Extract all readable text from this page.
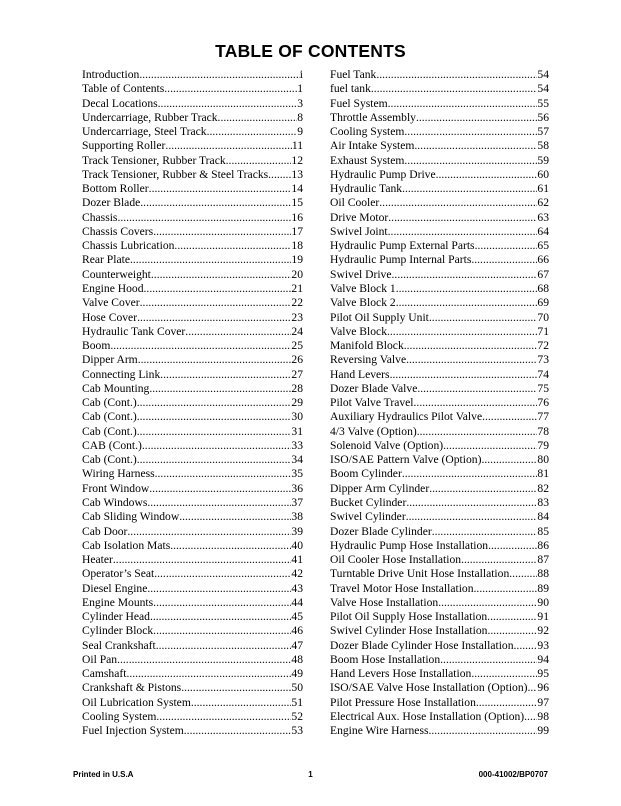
TABLE OF CONTENTS
Introduction .....	i
Table of Contents .....	1
Decal Locations .....	3
Undercarriage, Rubber Track .....	8
Undercarriage, Steel Track .....	9
Supporting Roller .....	11
Track Tensioner, Rubber Track .....	12
Track Tensioner, Rubber & Steel Tracks ..... 13
Bottom Roller .....	14
Dozer Blade .....	15
Chassis .....	16
Chassis Covers .....	17
Chassis Lubrication .....	18
Rear Plate .....	19
Counterweight .....	20
Engine Hood .....	21
Valve Cover .....	22
Hose Cover .....	23
Hydraulic Tank Cover .....	24
Boom .....	25
Dipper Arm .....	26
Connecting Link .....	27
Cab Mounting .....	28
Cab (Cont.) .....	29
Cab (Cont.) .....	30
Cab (Cont.) .....	31
CAB (Cont.) .....	33
Cab (Cont.) .....	34
Wiring Harness .....	35
Front Window .....	36
Cab Windows .....	37
Cab Sliding Window .....	38
Cab Door .....	39
Cab Isolation Mats .....	40
Heater .....	41
Operator’s Seat .....	42
Diesel Engine .....	43
Engine Mounts .....	44
Cylinder Head .....	45
Cylinder Block .....	46
Seal Crankshaft .....	47
Oil Pan .....	48
Camshaft .....	49
Crankshaft & Pistons .....	50
Oil Lubrication System .....	51
Cooling System .....	52
Fuel Injection System .....	53
Fuel Tank .....	54
fuel tank .....	54
Fuel System .....	55
Throttle Assembly .....	56
Cooling System .....	57
Air Intake System .....	58
Exhaust System .....	59
Hydraulic Pump Drive .....	60
Hydraulic Tank .....	61
Oil Cooler .....	62
Drive Motor .....	63
Swivel Joint .....	64
Hydraulic Pump External Parts .....	65
Hydraulic Pump Internal Parts .....	66
Swivel Drive .....	67
Valve Block 1 .....	68
Valve Block 2 .....	69
Pilot Oil Supply Unit .....	70
Valve Block .....	71
Manifold Block .....	72
Reversing Valve .....	73
Hand Levers .....	74
Dozer Blade Valve .....	75
Pilot Valve Travel .....	76
Auxiliary Hydraulics Pilot Valve .....	77
4/3 Valve (Option) .....	78
Solenoid Valve (Option) .....	79
ISO/SAE Pattern Valve (Option) .....	80
Boom Cylinder .....	81
Dipper Arm Cylinder .....	82
Bucket Cylinder .....	83
Swivel Cylinder .....	84
Dozer Blade Cylinder .....	85
Hydraulic Pump Hose Installation .....	86
Oil Cooler Hose Installation .....	87
Turntable Drive Unit Hose Installation ..... 88
Travel Motor Hose Installation .....	89
Valve Hose Installation .....	90
Pilot Oil Supply Hose Installation .....	91
Swivel Cylinder Hose Installation .....	92
Dozer Blade Cylinder Hose Installation ..... 93
Boom Hose Installation .....	94
Hand Levers Hose Installation .....	95
ISO/SAE Valve Hose Installation (Option) ..... 96
Pilot Pressure Hose Installation .....	97
Electrical Aux. Hose Installation (Option) ..... 98
Engine Wire Harness .....	99
Printed in U.S.A	1	000-41002/BP0707
